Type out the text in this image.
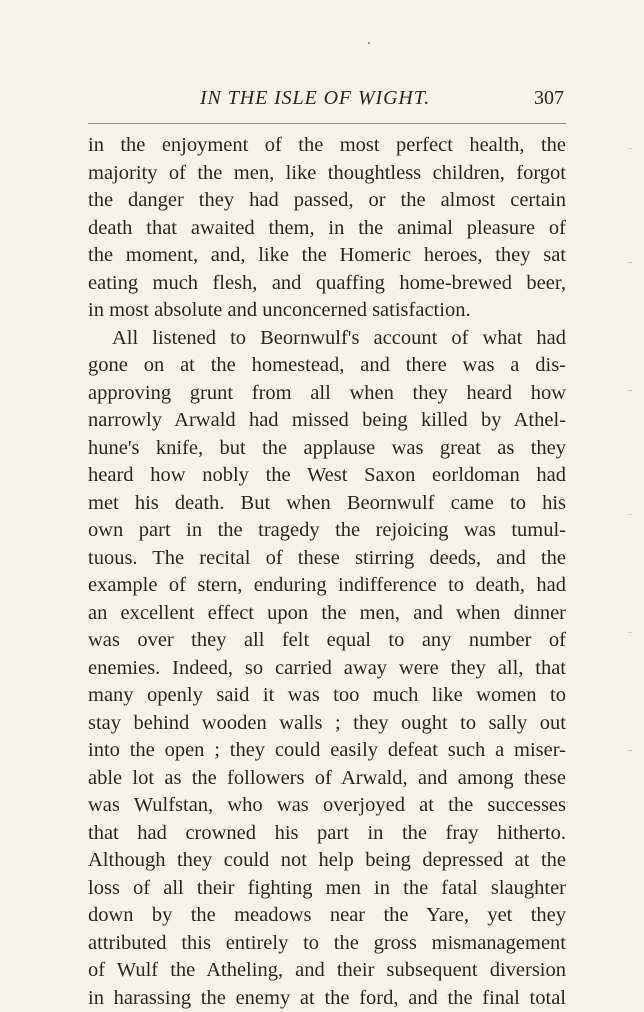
IN THE ISLE OF WIGHT.	307
in the enjoyment of the most perfect health, the
majority of the men, like thoughtless children, forgot
the danger they had passed, or the almost certain
death that awaited them, in the animal pleasure of
the moment, and, like the Homeric heroes, they sat
eating much flesh, and quaffing home-brewed beer,
in most absolute and unconcerned satisfaction.
All listened to Beornwulf's account of what had
gone on at the homestead, and there was a dis-
approving grunt from all when they heard how
narrowly Arwald had missed being killed by Athel-
hune's knife, but the applause was great as they
heard how nobly the West Saxon eorldoman had
met his death. But when Beornwulf came to his
own part in the tragedy the rejoicing was tumul-
tuous. The recital of these stirring deeds, and the
example of stern, enduring indifference to death, had
an excellent effect upon the men, and when dinner
was over they all felt equal to any number of
enemies. Indeed, so carried away were they all, that
many openly said it was too much like women to
stay behind wooden walls ; they ought to sally out
into the open ; they could easily defeat such a miser-
able lot as the followers of Arwald, and among these
was Wulfstan, who was overjoyed at the successes
that had crowned his part in the fray hitherto.
Although they could not help being depressed at the
loss of all their fighting men in the fatal slaughter
down by the meadows near the Yare, yet they
attributed this entirely to the gross mismanagement
of Wulf the Atheling, and their subsequent diversion
in harassing the enemy at the ford, and the final total
